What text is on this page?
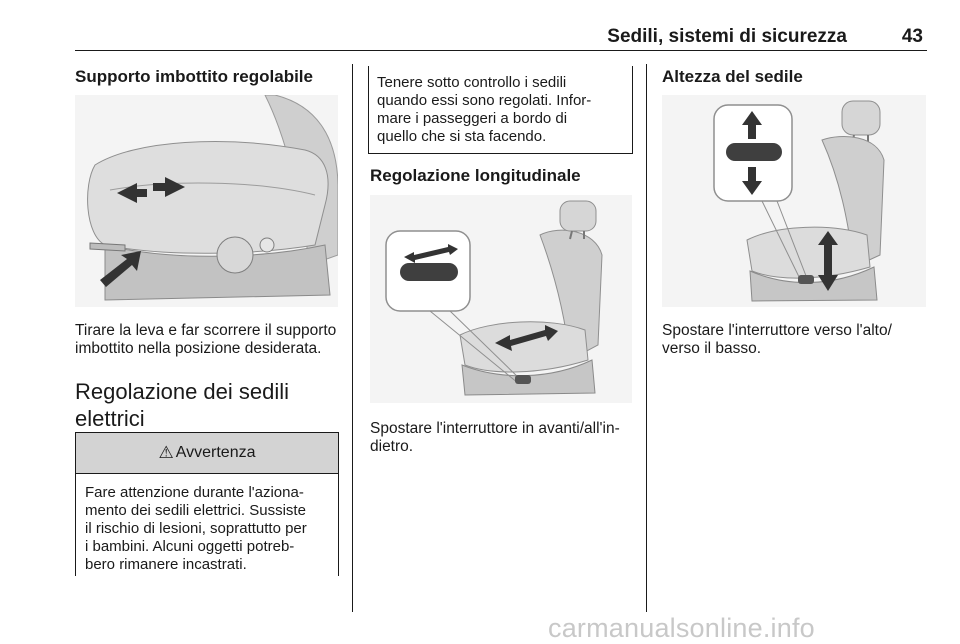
Sedili, sistemi di sicurezza	43
Supporto imbottito regolabile
Tirare la leva e far scorrere il supporto
imbottito nella posizione desiderata.
Regolazione dei sedili
elettrici
⚠ Avvertenza
Fare attenzione durante l'aziona-
mento dei sedili elettrici. Sussiste
il rischio di lesioni, soprattutto per
i bambini. Alcuni oggetti potreb-
bero rimanere incastrati.
Tenere sotto controllo i sedili
quando essi sono regolati. Infor-
mare i passeggeri a bordo di
quello che si sta facendo.
Regolazione longitudinale
Spostare l'interruttore in avanti/all'in-
dietro.
Altezza del sedile
Spostare l'interruttore verso l'alto/
verso il basso.
carmanualsonline.info
